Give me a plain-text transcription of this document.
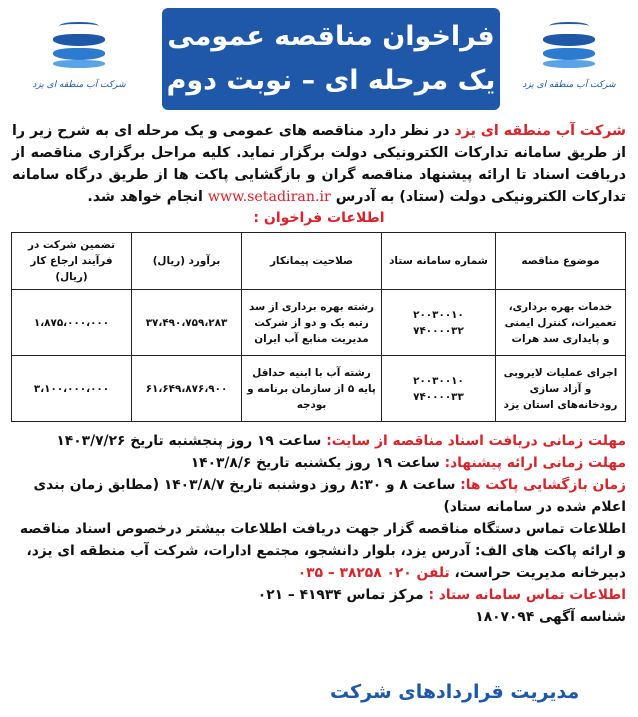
شرکت آب منطقه ای یزد
فراخوان مناقصه عمومی
یک مرحله ای – نوبت دوم
شرکت آب منطقه ای یزد

شرکت آب منطقه ای یزد در نظر دارد مناقصه های عمومی و یک مرحله ای به شرح زیر را از طریق سامانه تدارکات الکترونیکی دولت برگزار نماید. کلیه مراحل برگزاری مناقصه از دریافت اسناد تا ارائه پیشنهاد مناقصه گران و بازگشایی پاکت ها از طریق درگاه سامانه تدارکات الکترونیکی دولت (ستاد) به آدرس www.setadiran.ir انجام خواهد شد.

اطلاعات فراخوان :
موضوع مناقصه	شماره سامانه ستاد	صلاحیت پیمانکار	برآورد (ریال)	تضمین شرکت در فرآیند ارجاع کار (ریال)
خدمات بهره برداری، تعمیرات، کنترل ایمنی و پایداری سد هرات	۲۰۰۳۰۰۱۰ ۷۴۰۰۰۰۳۲	رشته بهره برداری از سد رتبه یک و دو از شرکت مدیریت منابع آب ایران	۳۷،۴۹۰،۷۵۹،۲۸۳	۱،۸۷۵،۰۰۰،۰۰۰
اجرای عملیات لایروبی و آزاد سازی رودخانه‌های استان یزد	۲۰۰۳۰۰۱۰ ۷۴۰۰۰۰۳۳	رشته آب با ابنیه حداقل پایه ۵ از سازمان برنامه و بودجه	۶۱،۶۴۹،۸۷۶،۹۰۰	۳،۱۰۰،۰۰۰،۰۰۰

مهلت زمانی دریافت اسناد مناقصه از سایت: ساعت ۱۹ روز پنجشنبه تاریخ ۱۴۰۳/۷/۲۶

مهلت زمانی ارائه پیشنهاد: ساعت ۱۹ روز یکشنبه تاریخ ۱۴۰۳/۸/۶

زمان بازگشایی پاکت ها: ساعت ۸ و ۸:۳۰ روز دوشنبه تاریخ ۱۴۰۳/۸/۷ (مطابق زمان بندی اعلام شده در سامانه ستاد)

اطلاعات تماس دستگاه مناقصه گزار جهت دریافت اطلاعات بیشتر درخصوص اسناد مناقصه و ارائه پاکت های الف: آدرس یزد، بلوار دانشجو، مجتمع ادارات، شرکت آب منطقه ای یزد، دبیرخانه مدیریت حراست، تلفن ۰۲۰ ۳۸۲۵۸ – ۰۳۵

اطلاعات تماس سامانه ستاد : مرکز تماس ۴۱۹۳۴ – ۰۲۱

شناسه آگهی ۱۸۰۷۰۹۴

مدیریت قراردادهای شرکت
